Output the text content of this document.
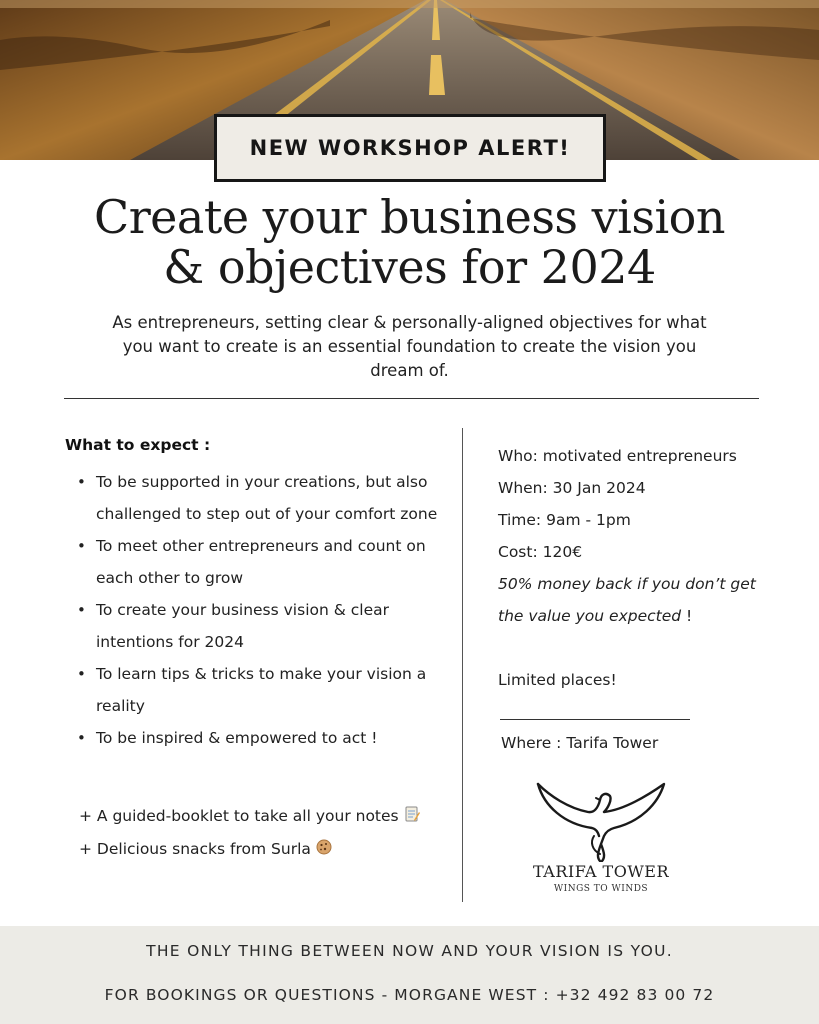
NEW WORKSHOP ALERT!
Create your business vision
& objectives for 2024
As entrepreneurs, setting clear & personally-aligned objectives for what you want to create is an essential foundation to create the vision you dream of.
What to expect :
• To be supported in your creations, but also challenged to step out of your comfort zone
• To meet other entrepreneurs and count on each other to grow
• To create your business vision & clear intentions for 2024
• To learn tips & tricks to make your vision a reality
• To be inspired & empowered to act !
+ A guided-booklet to take all your notes
+ Delicious snacks from Surla
Who: motivated entrepreneurs
When: 30 Jan 2024
Time: 9am - 1pm
Cost: 120€
50% money back if you don’t get the value you expected !
Limited places!
Where : Tarifa Tower
TARIFA TOWER
WINGS TO WINDS
THE ONLY THING BETWEEN NOW AND YOUR VISION IS YOU.
FOR BOOKINGS OR QUESTIONS - MORGANE WEST : +32 492 83 00 72
